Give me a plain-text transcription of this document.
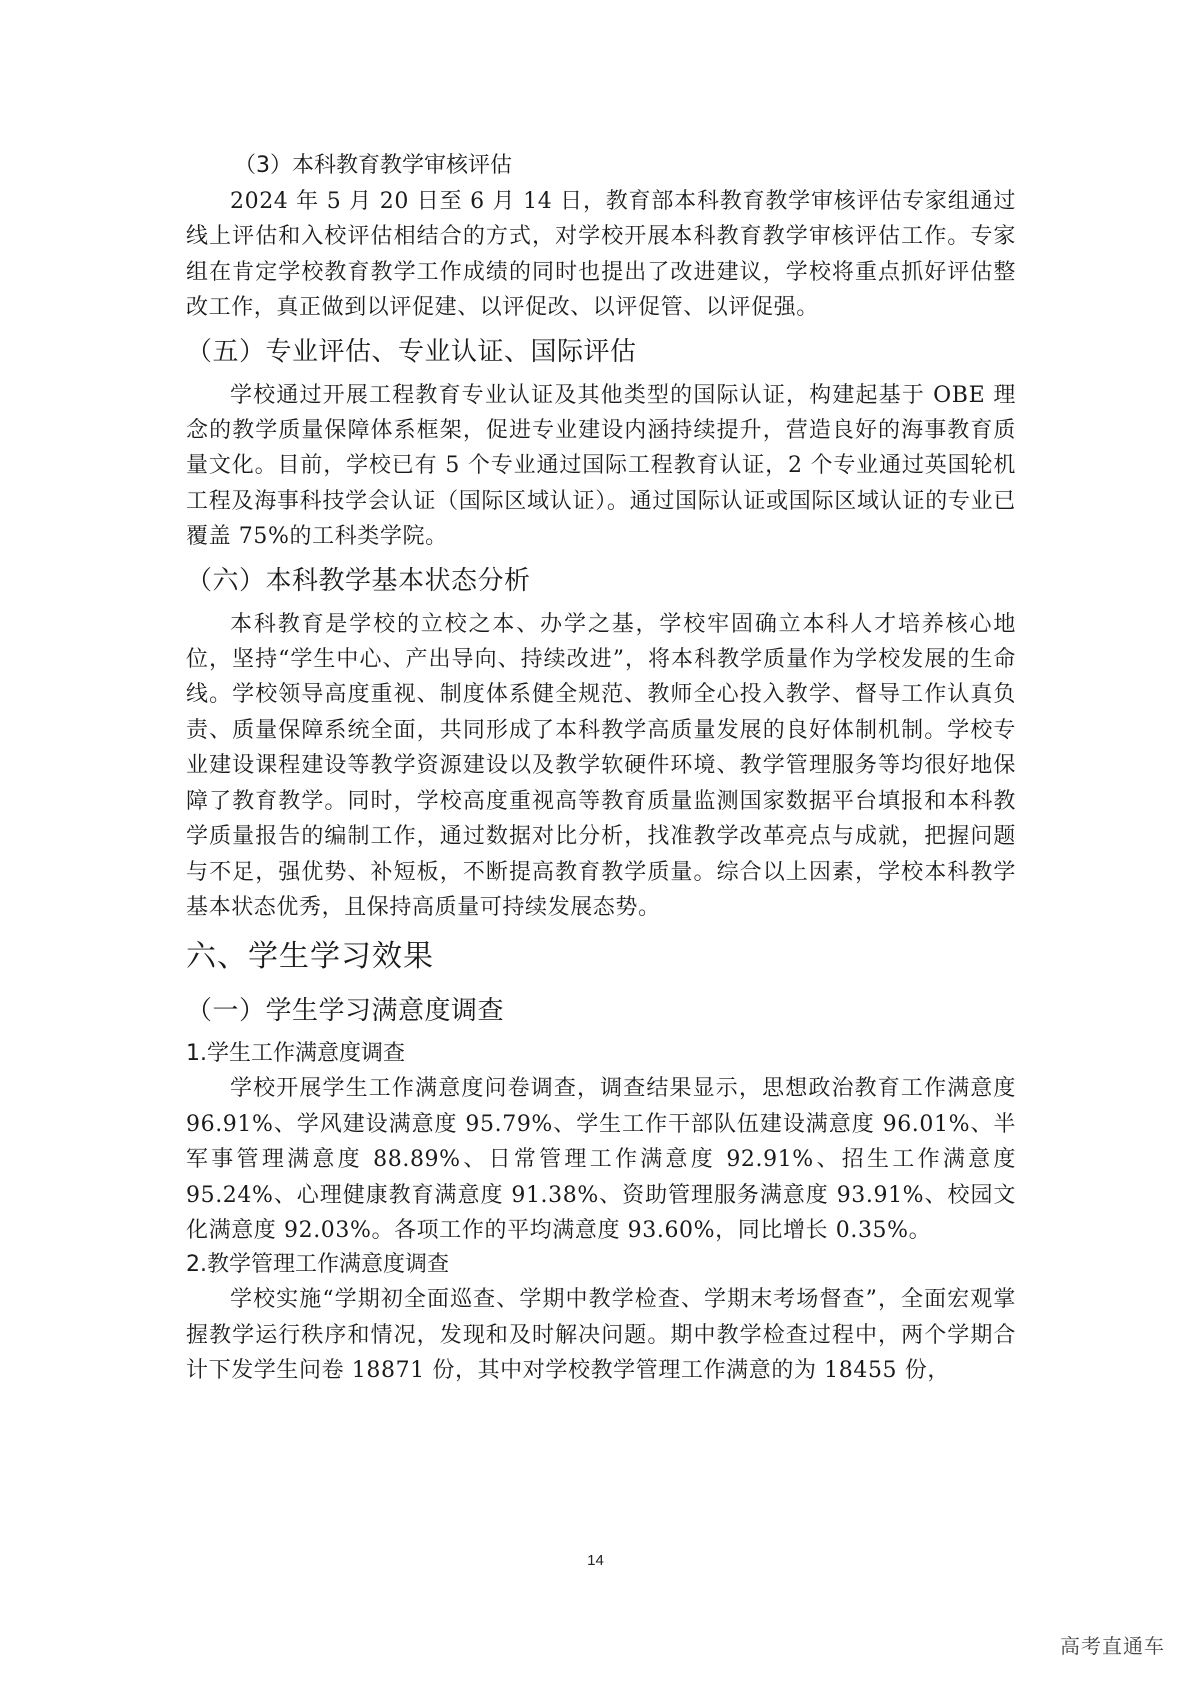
（3）本科教育教学审核评估

2024 年 5 月 20 日至 6 月 14 日，教育部本科教育教学审核评估专家组通过线上评估和入校评估相结合的方式，对学校开展本科教育教学审核评估工作。专家组在肯定学校教育教学工作成绩的同时也提出了改进建议，学校将重点抓好评估整改工作，真正做到以评促建、以评促改、以评促管、以评促强。

（五）专业评估、专业认证、国际评估

学校通过开展工程教育专业认证及其他类型的国际认证，构建起基于 OBE 理念的教学质量保障体系框架，促进专业建设内涵持续提升，营造良好的海事教育质量文化。目前，学校已有 5 个专业通过国际工程教育认证，2 个专业通过英国轮机工程及海事科技学会认证（国际区域认证）。通过国际认证或国际区域认证的专业已覆盖 75%的工科类学院。

（六）本科教学基本状态分析

本科教育是学校的立校之本、办学之基，学校牢固确立本科人才培养核心地位，坚持“学生中心、产出导向、持续改进”，将本科教学质量作为学校发展的生命线。学校领导高度重视、制度体系健全规范、教师全心投入教学、督导工作认真负责、质量保障系统全面，共同形成了本科教学高质量发展的良好体制机制。学校专业建设课程建设等教学资源建设以及教学软硬件环境、教学管理服务等均很好地保障了教育教学。同时，学校高度重视高等教育质量监测国家数据平台填报和本科教学质量报告的编制工作，通过数据对比分析，找准教学改革亮点与成就，把握问题与不足，强优势、补短板，不断提高教育教学质量。综合以上因素，学校本科教学基本状态优秀，且保持高质量可持续发展态势。

六、学生学习效果
（一）学生学习满意度调查
1.学生工作满意度调查

学校开展学生工作满意度问卷调查，调查结果显示，思想政治教育工作满意度 96.91%、学风建设满意度 95.79%、学生工作干部队伍建设满意度 96.01%、半军事管理满意度 88.89%、日常管理工作满意度 92.91%、招生工作满意度 95.24%、心理健康教育满意度 91.38%、资助管理服务满意度 93.91%、校园文化满意度 92.03%。各项工作的平均满意度 93.60%，同比增长 0.35%。

2.教学管理工作满意度调查

学校实施“学期初全面巡查、学期中教学检查、学期末考场督查”，全面宏观掌握教学运行秩序和情况，发现和及时解决问题。期中教学检查过程中，两个学期合计下发学生问卷 18871 份，其中对学校教学管理工作满意的为 18455 份，

14
高考直通车
